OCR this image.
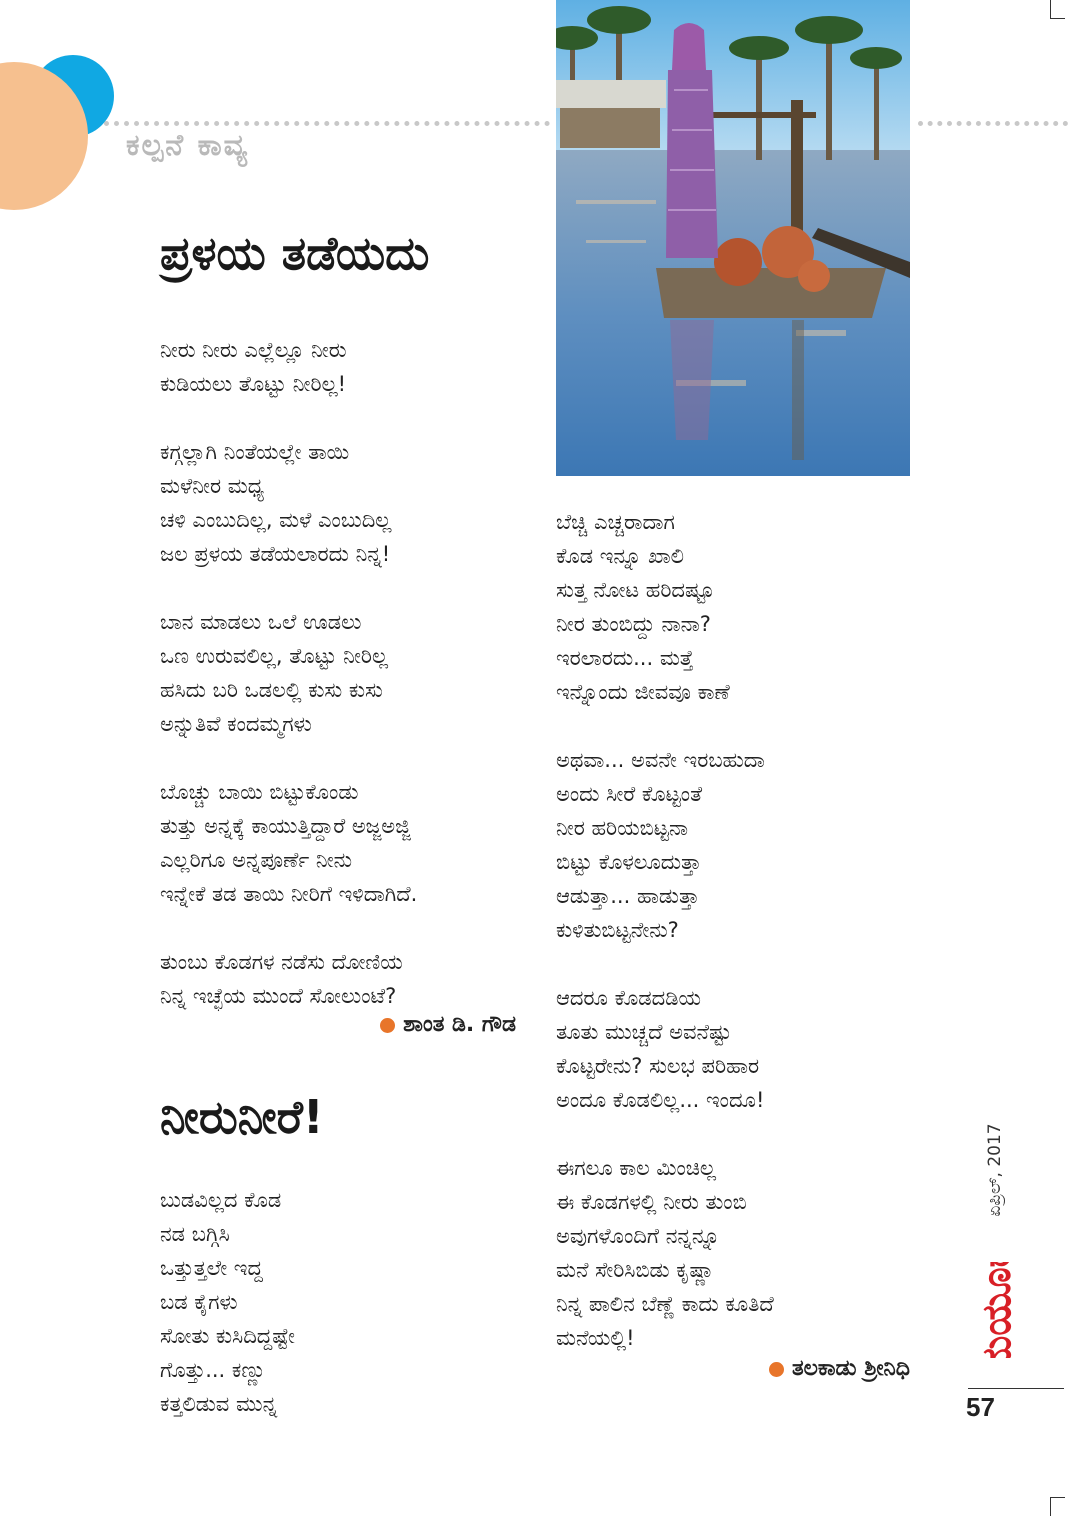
ಕಲ್ಪನೆ ಕಾವ್ಯ
ಪ್ರಳಯ ತಡೆಯದು
ನೀರು ನೀರು ಎಲ್ಲೆಲ್ಲೂ ನೀರು
ಕುಡಿಯಲು ತೊಟ್ಟು ನೀರಿಲ್ಲ!
ಕಗ್ಗಲ್ಲಾಗಿ ನಿಂತೆಯಲ್ಲೇ ತಾಯಿ
ಮಳೆನೀರ ಮಧ್ಯ
ಚಳಿ ಎಂಬುದಿಲ್ಲ, ಮಳೆ ಎಂಬುದಿಲ್ಲ
ಜಲ ಪ್ರಳಯ ತಡೆಯಲಾರದು ನಿನ್ನ!
ಬಾನ ಮಾಡಲು ಒಲೆ ಊಡಲು
ಒಣ ಉರುವಲಿಲ್ಲ, ತೊಟ್ಟು ನೀರಿಲ್ಲ
ಹಸಿದು ಬರಿ ಒಡಲಲ್ಲಿ ಕುಸು ಕುಸು
ಅನ್ನುತಿವೆ ಕಂದಮ್ಮಗಳು
ಬೊಚ್ಚು ಬಾಯಿ ಬಿಟ್ಟುಕೊಂಡು
ತುತ್ತು ಅನ್ನಕ್ಕೆ ಕಾಯುತ್ತಿದ್ದಾರೆ ಅಜ್ಜಅಜ್ಜಿ
ಎಲ್ಲರಿಗೂ ಅನ್ನಪೂರ್ಣೆ ನೀನು
ಇನ್ನೇಕೆ ತಡ ತಾಯಿ ನೀರಿಗೆ ಇಳಿದಾಗಿದೆ.
ತುಂಬು ಕೊಡಗಳ ನಡೆಸು ದೋಣಿಯ
ನಿನ್ನ ಇಚ್ಛೆಯ ಮುಂದೆ ಸೋಲುಂಟೆ?
ಶಾಂತ ಡಿ. ಗೌಡ
ನೀರುನೀರೆ!
ಬುಡವಿಲ್ಲದ ಕೊಡ
ನಡ ಬಗ್ಗಿಸಿ
ಒತ್ತುತ್ತಲೇ ಇದ್ದ
ಬಡ ಕೈಗಳು
ಸೋತು ಕುಸಿದಿದ್ದಷ್ಟೇ
ಗೊತ್ತು... ಕಣ್ಣು
ಕತ್ತಲಿಡುವ ಮುನ್ನ
ಬೆಚ್ಚಿ ಎಚ್ಚರಾದಾಗ
ಕೊಡ ಇನ್ನೂ ಖಾಲಿ
ಸುತ್ತ ನೋಟ ಹರಿದಷ್ಟೂ
ನೀರ ತುಂಬಿದ್ದು ನಾನಾ?
ಇರಲಾರದು... ಮತ್ತೆ
ಇನ್ನೊಂದು ಜೀವವೂ ಕಾಣೆ
ಅಥವಾ... ಅವನೇ ಇರಬಹುದಾ
ಅಂದು ಸೀರೆ ಕೊಟ್ಟಂತೆ
ನೀರ ಹರಿಯಬಿಟ್ಟನಾ
ಬಿಟ್ಟು ಕೊಳಲೂದುತ್ತಾ
ಆಡುತ್ತಾ... ಹಾಡುತ್ತಾ
ಕುಳಿತುಬಿಟ್ಟನೇನು?
ಆದರೂ ಕೊಡದಡಿಯ
ತೂತು ಮುಚ್ಚದೆ ಅವನೆಷ್ಟು
ಕೊಟ್ಟರೇನು? ಸುಲಭ ಪರಿಹಾರ
ಅಂದೂ ಕೊಡಲಿಲ್ಲ... ಇಂದೂ!
ಈಗಲೂ ಕಾಲ ಮಿಂಚಿಲ್ಲ
ಈ ಕೊಡಗಳಲ್ಲಿ ನೀರು ತುಂಬಿ
ಅವುಗಳೊಂದಿಗೆ ನನ್ನನ್ನೂ
ಮನೆ ಸೇರಿಸಿಬಿಡು ಕೃಷ್ಣಾ
ನಿನ್ನ ಪಾಲಿನ ಬೆಣ್ಣೆ ಕಾದು ಕೂತಿದೆ
ಮನೆಯಲ್ಲಿ!
ತಲಕಾಡು ಶ್ರೀನಿಧಿ
ಏಪ್ರಿಲ್, 2017
ಮಯೂರ
57
